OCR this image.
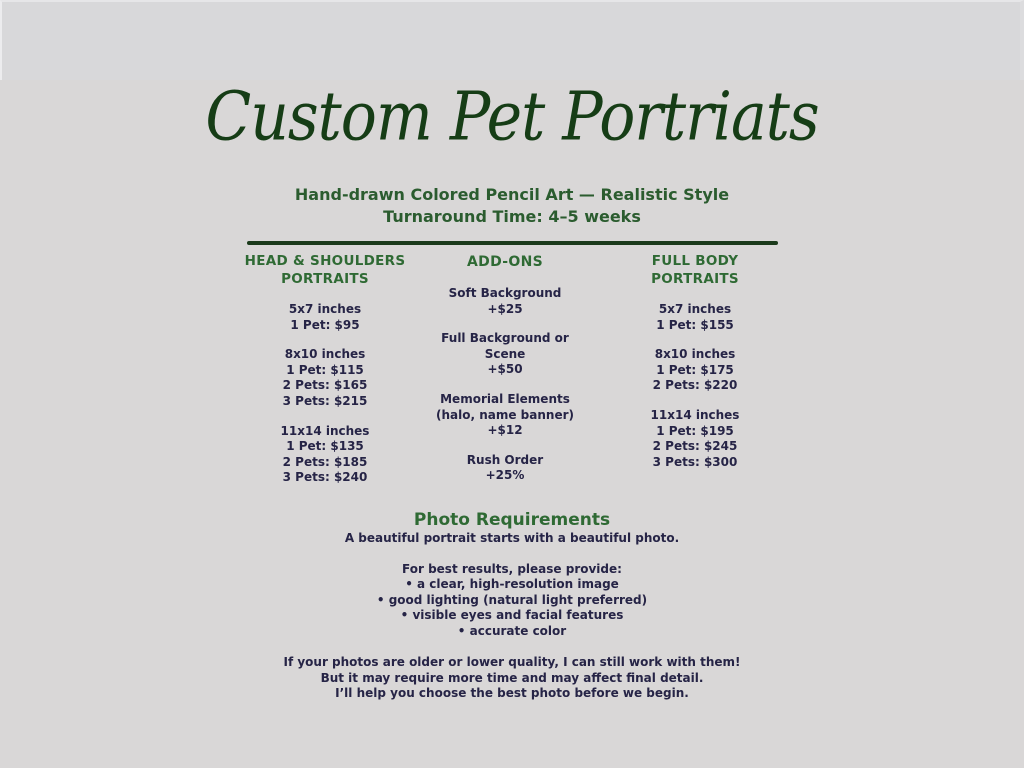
Custom Pet Portriats
Hand-drawn Colored Pencil Art — Realistic Style
Turnaround Time: 4–5 weeks
HEAD & SHOULDERS
PORTRAITS
5x7 inches
1 Pet: $95
8x10 inches
1 Pet: $115
2 Pets: $165
3 Pets: $215
11x14 inches
1 Pet: $135
2 Pets: $185
3 Pets: $240
ADD-ONS
Soft Background
+$25
Full Background or
Scene
+$50
Memorial Elements
(halo, name banner)
+$12
Rush Order
+25%
FULL BODY
PORTRAITS
5x7 inches
1 Pet: $155
8x10 inches
1 Pet: $175
2 Pets: $220
11x14 inches
1 Pet: $195
2 Pets: $245
3 Pets: $300
Photo Requirements
A beautiful portrait starts with a beautiful photo.
For best results, please provide:
• a clear, high-resolution image
• good lighting (natural light preferred)
• visible eyes and facial features
• accurate color
If your photos are older or lower quality, I can still work with them!
But it may require more time and may affect final detail.
I’ll help you choose the best photo before we begin.
